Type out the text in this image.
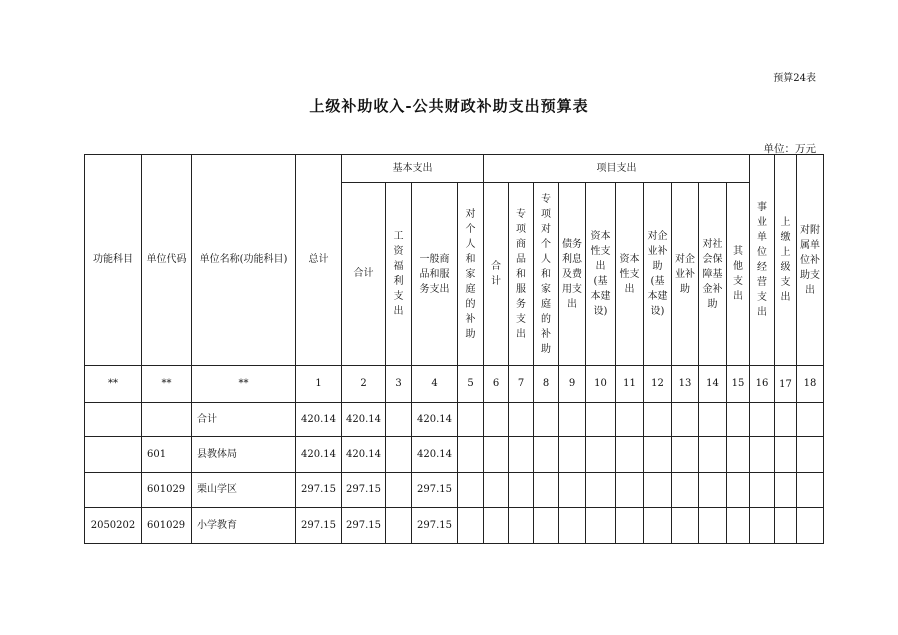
预算24表
上级补助收入-公共财政补助支出预算表
单位：万元
功能科目	单位代码	单位名称(功能科目)	总计	基本支出				项目支出										事业单位经营支出	上缴上级支出	对附属单位补助支出
				合计	工资福利支出	一般商品和服务支出	对个人和家庭的补助	合计	专项商品和服务支出	专项对个人和家庭的补助	债务利息及费用支出	资本性支出(基本建设)	资本性支出	对企业补助(基本建设)	对企业补助	对社会保障基金补助	其他支出			
**	**	**	1	2	3	4	5	6	7	8	9	10	11	12	13	14	15	16	17	18
		合计	420.14	420.14		420.14														
	601	县教体局	420.14	420.14		420.14														
	601029	栗山学区	297.15	297.15		297.15														
2050202	601029	小学教育	297.15	297.15		297.15														
